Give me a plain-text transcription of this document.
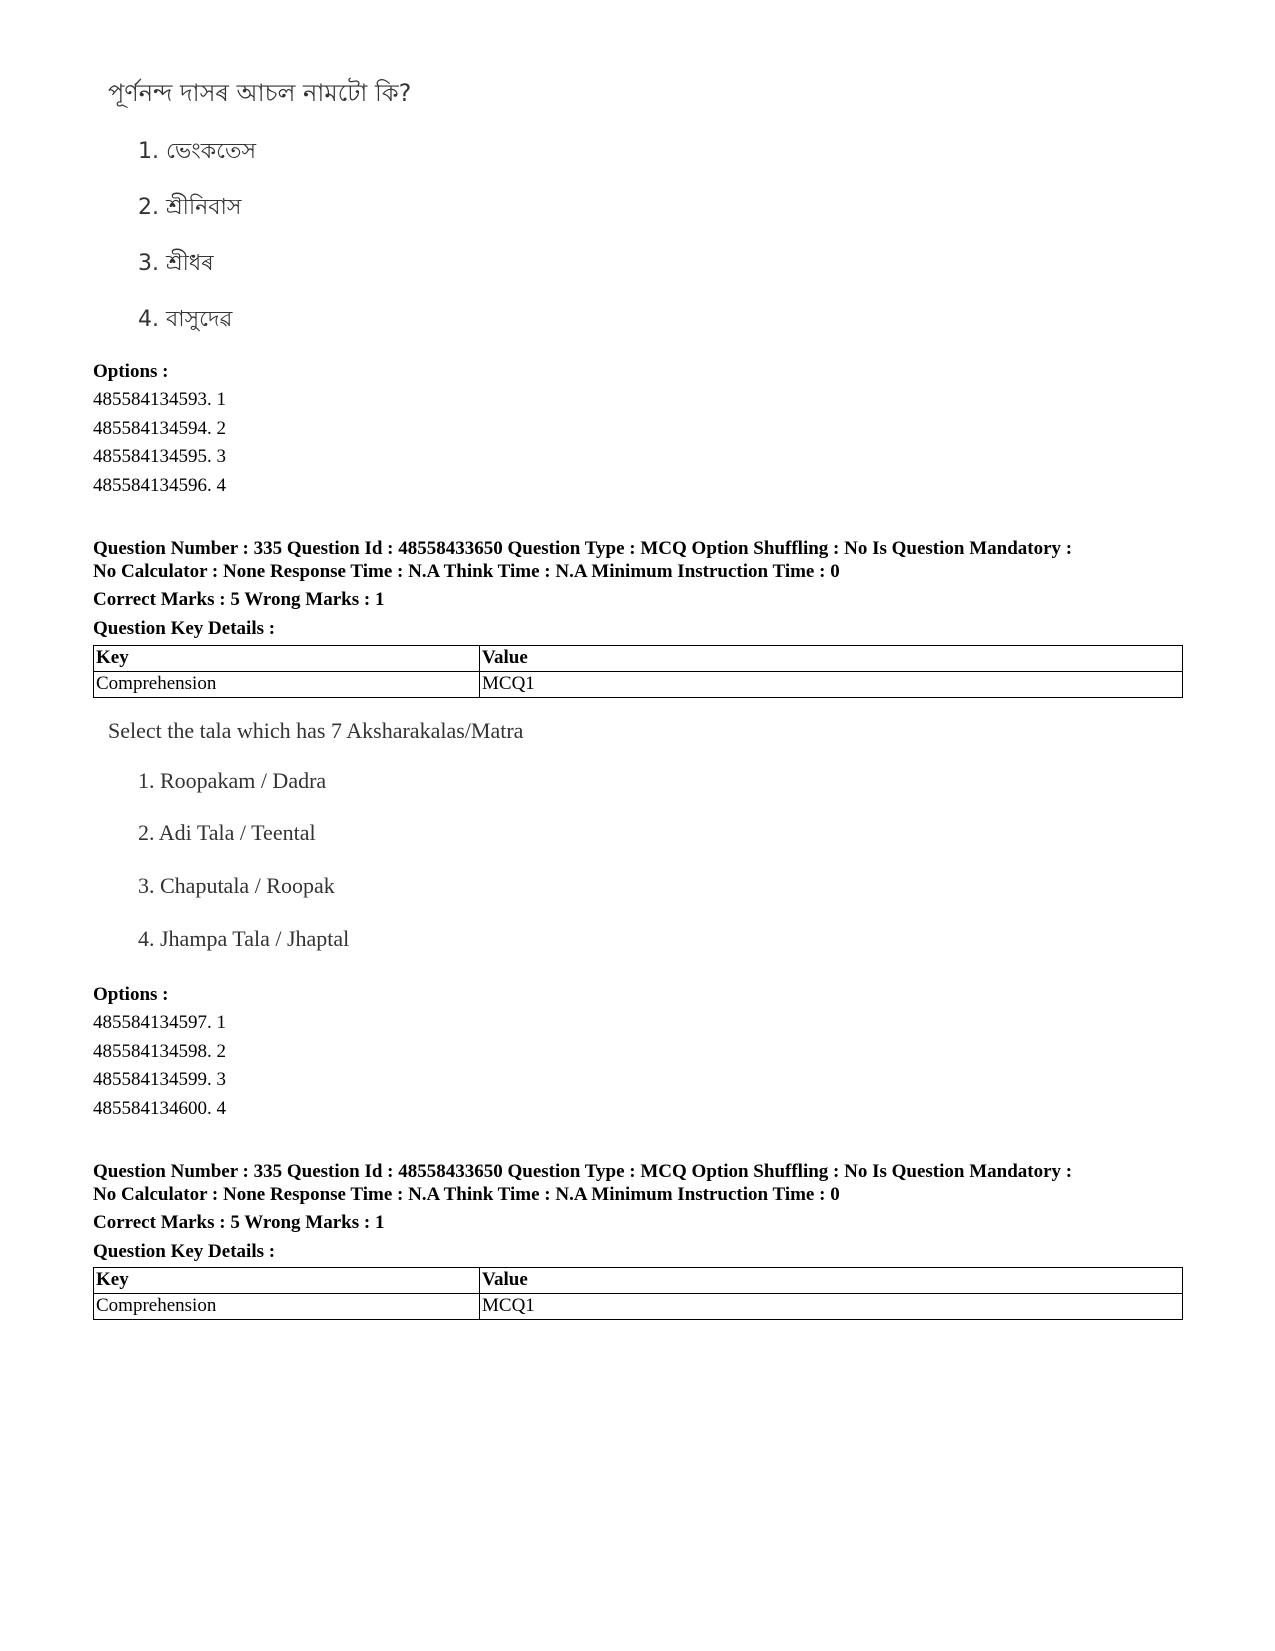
পূৰ্ণনন্দ দাসৰ আচল নামটো কি?

1. ভেংকতেস
2. শ্ৰীনিবাস
3. শ্ৰীধৰ
4. বাসুদেৱ
Options :
485584134593. 1
485584134594. 2
485584134595. 3
485584134596. 4
Question Number : 335 Question Id : 48558433650 Question Type : MCQ Option Shuffling : No Is Question Mandatory :
No Calculator : None Response Time : N.A Think Time : N.A Minimum Instruction Time : 0
Correct Marks : 5 Wrong Marks : 1
Question Key Details :
Key	Value
Comprehension	MCQ1

Select the tala which has 7 Aksharakalas/Matra

1. Roopakam / Dadra
2. Adi Tala / Teental
3. Chaputala / Roopak
4. Jhampa Tala / Jhaptal
Options :
485584134597. 1
485584134598. 2
485584134599. 3
485584134600. 4
Question Number : 335 Question Id : 48558433650 Question Type : MCQ Option Shuffling : No Is Question Mandatory :
No Calculator : None Response Time : N.A Think Time : N.A Minimum Instruction Time : 0
Correct Marks : 5 Wrong Marks : 1
Question Key Details :
Key	Value
Comprehension	MCQ1
